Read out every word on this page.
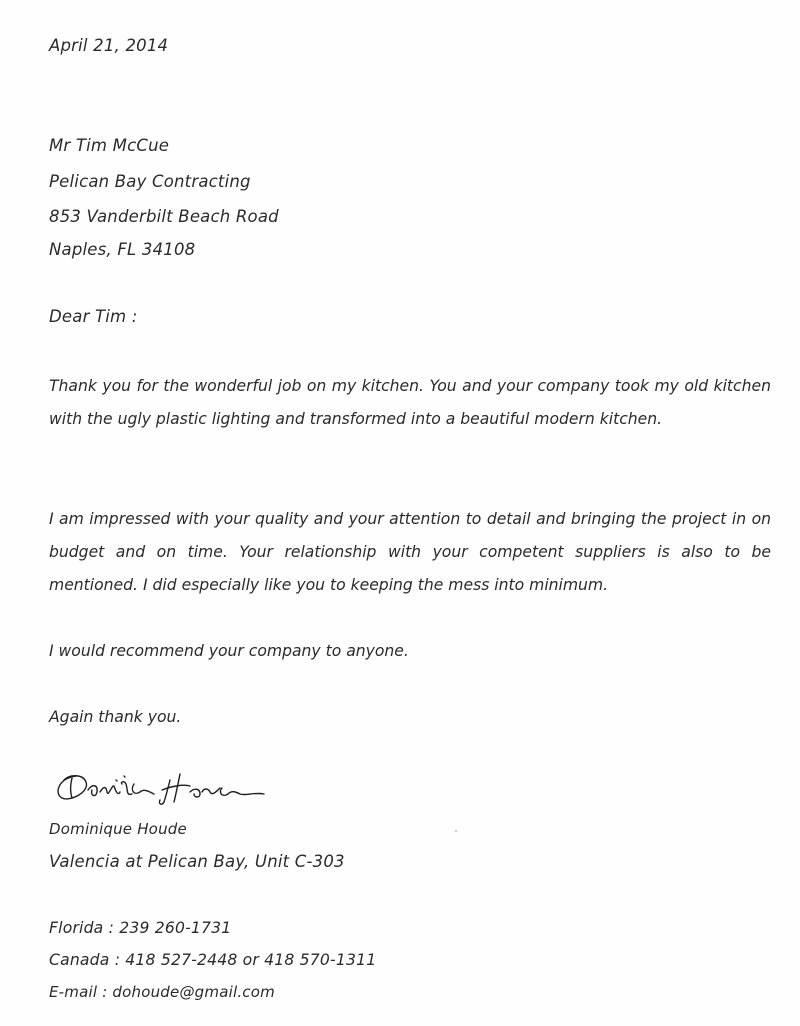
April 21, 2014
Mr Tim McCue
Pelican Bay Contracting
853 Vanderbilt Beach Road
Naples, FL 34108
Dear Tim :

Thank you for the wonderful job on my kitchen. You and your company took my old kitchen with the ugly plastic lighting and transformed into a beautiful modern kitchen.

I am impressed with your quality and your attention to detail and bringing the project in on budget and on time. Your relationship with your competent suppliers is also to be mentioned. I did especially like you to keeping the mess into minimum.

I would recommend your company to anyone.

Again thank you.

Dominique Houde
Valencia at Pelican Bay, Unit C-303
Florida : 239 260-1731
Canada : 418 527-2448 or 418 570-1311
E-mail : dohoude@gmail.com
